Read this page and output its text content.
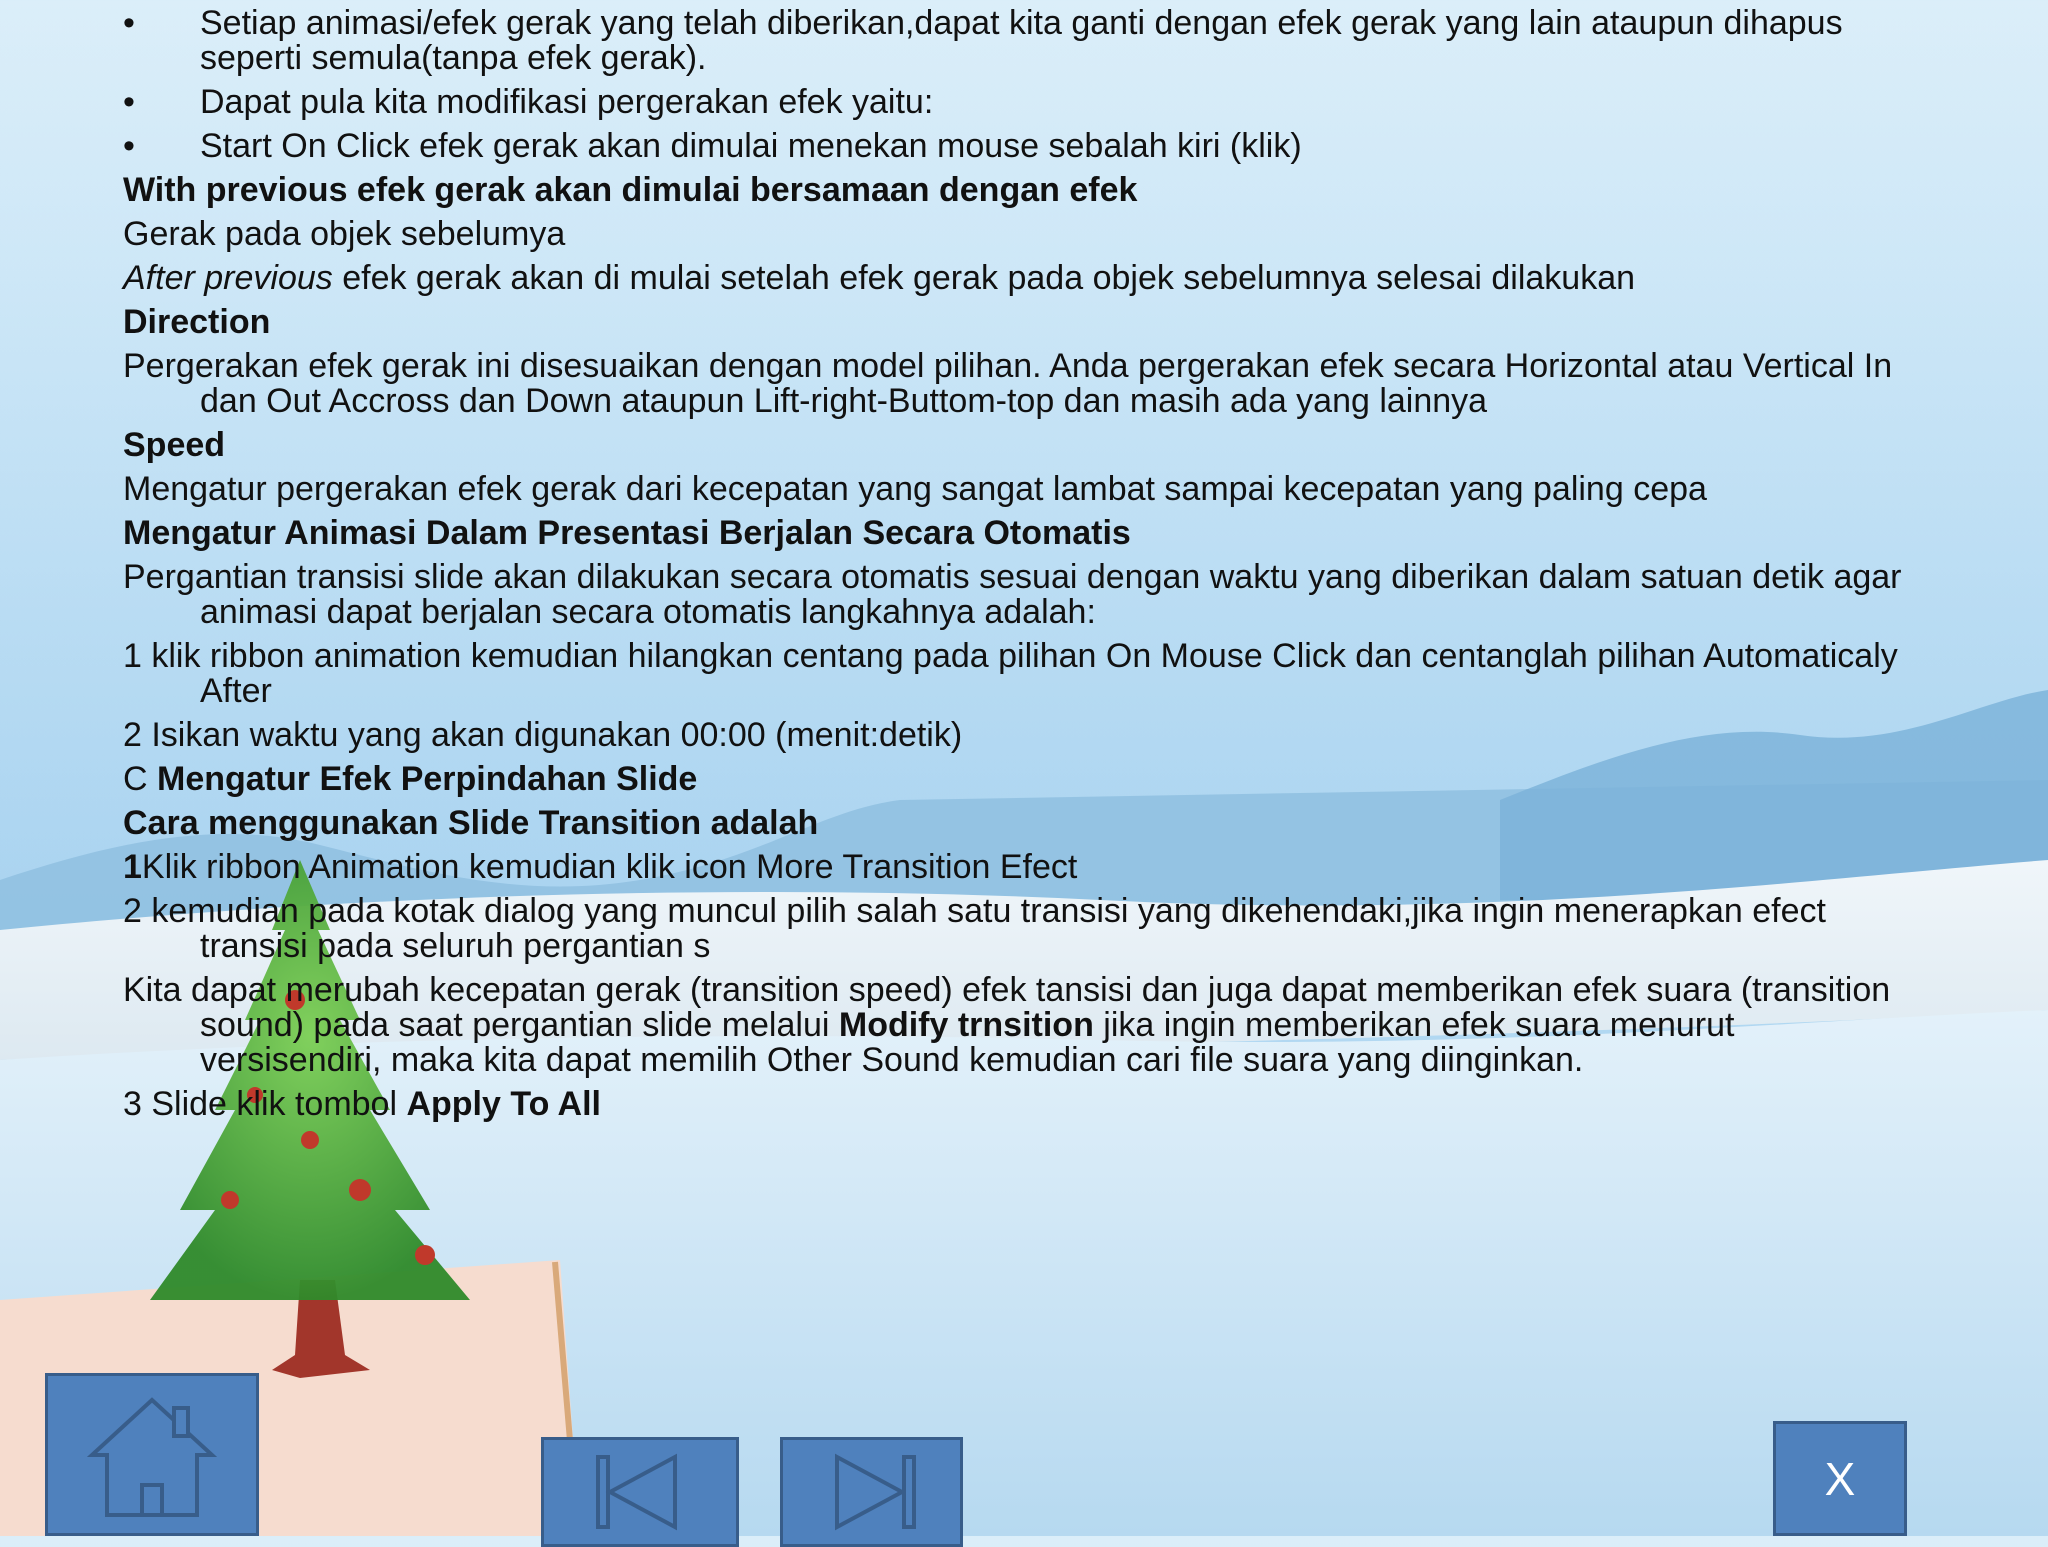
• Setiap animasi/efek gerak yang telah diberikan,dapat kita ganti dengan efek gerak yang lain ataupun dihapus seperti semula(tanpa efek gerak).
• Dapat pula kita modifikasi pergerakan efek yaitu:
• Start On Click efek gerak akan dimulai menekan mouse sebalah kiri (klik)
With previous efek gerak akan dimulai bersamaan dengan efek
Gerak pada objek sebelumya
After previous efek gerak akan di mulai setelah efek gerak pada objek sebelumnya selesai dilakukan
Direction
Pergerakan efek gerak ini disesuaikan dengan model pilihan. Anda pergerakan efek secara Horizontal atau Vertical In dan Out Accross dan Down ataupun Lift-right-Buttom-top dan masih ada yang lainnya
Speed
Mengatur pergerakan efek gerak dari kecepatan yang sangat lambat sampai kecepatan yang paling cepa
Mengatur Animasi Dalam Presentasi Berjalan Secara Otomatis
Pergantian transisi slide akan dilakukan secara otomatis sesuai dengan waktu yang diberikan dalam satuan detik agar animasi dapat berjalan secara otomatis langkahnya adalah:
1 klik ribbon animation kemudian hilangkan centang pada pilihan On Mouse Click dan centanglah pilihan Automaticaly After
2 Isikan waktu yang akan digunakan 00:00 (menit:detik)
C Mengatur Efek Perpindahan Slide
Cara menggunakan Slide Transition adalah
1Klik ribbon Animation kemudian klik icon More Transition Efect
2 kemudian pada kotak dialog yang muncul pilih salah satu transisi yang dikehendaki,jika ingin menerapkan efect transisi pada seluruh pergantian s
Kita dapat merubah kecepatan gerak (transition speed) efek tansisi dan juga dapat memberikan efek suara (transition sound) pada saat pergantian slide melalui Modify trnsition jika ingin memberikan efek suara menurut versisendiri, maka kita dapat memilih Other Sound kemudian cari file suara yang diinginkan.
3 Slide klik tombol Apply To All
X
